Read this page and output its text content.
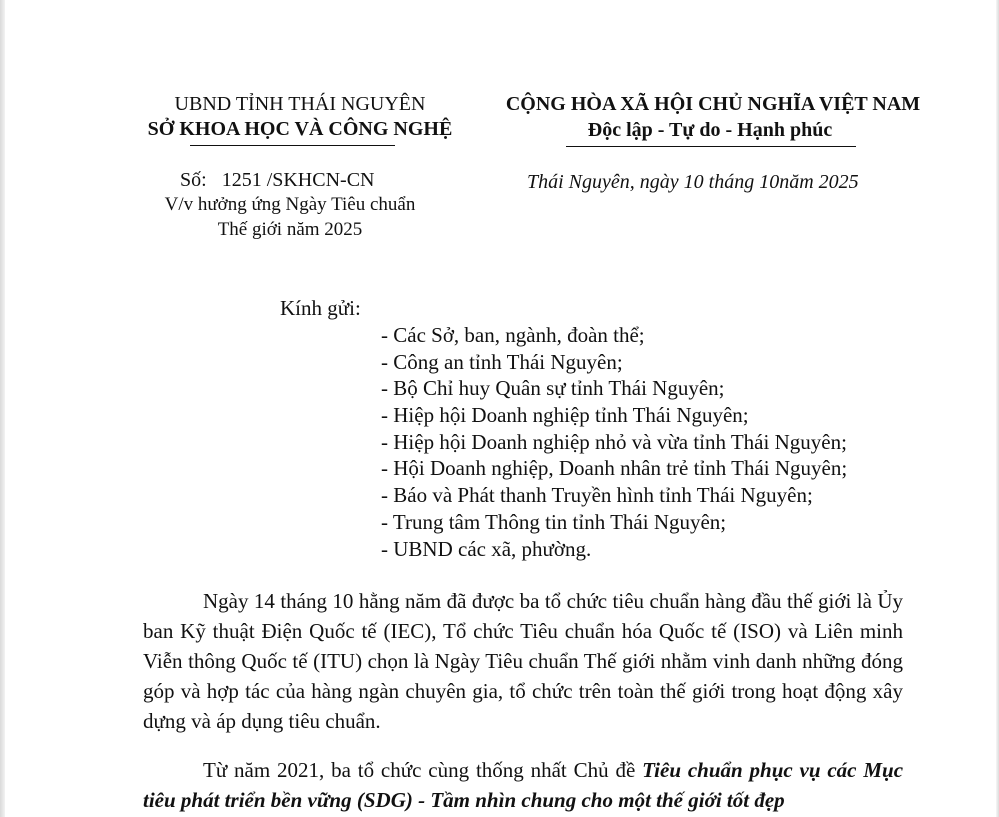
UBND TỈNH THÁI NGUYÊN
SỞ KHOA HỌC VÀ CÔNG NGHỆ
CỘNG HÒA XÃ HỘI CHỦ NGHĨA VIỆT NAM
Độc lập - Tự do - Hạnh phúc
Số: 1251 /SKHCN-CN
V/v hưởng ứng Ngày Tiêu chuẩn
Thế giới năm 2025
Thái Nguyên, ngày 10 tháng 10năm 2025
Kính gửi:
- Các Sở, ban, ngành, đoàn thể;
- Công an tỉnh Thái Nguyên;
- Bộ Chỉ huy Quân sự tỉnh Thái Nguyên;
- Hiệp hội Doanh nghiệp tỉnh Thái Nguyên;
- Hiệp hội Doanh nghiệp nhỏ và vừa tỉnh Thái Nguyên;
- Hội Doanh nghiệp, Doanh nhân trẻ tỉnh Thái Nguyên;
- Báo và Phát thanh Truyền hình tỉnh Thái Nguyên;
- Trung tâm Thông tin tỉnh Thái Nguyên;
- UBND các xã, phường.

Ngày 14 tháng 10 hằng năm đã được ba tổ chức tiêu chuẩn hàng đầu thế giới là Ủy ban Kỹ thuật Điện Quốc tế (IEC), Tổ chức Tiêu chuẩn hóa Quốc tế (ISO) và Liên minh Viễn thông Quốc tế (ITU) chọn là Ngày Tiêu chuẩn Thế giới nhằm vinh danh những đóng góp và hợp tác của hàng ngàn chuyên gia, tổ chức trên toàn thế giới trong hoạt động xây dựng và áp dụng tiêu chuẩn.

Từ năm 2021, ba tổ chức cùng thống nhất Chủ đề Tiêu chuẩn phục vụ các Mục tiêu phát triển bền vững (SDG) - Tầm nhìn chung cho một thế giới tốt đẹp
